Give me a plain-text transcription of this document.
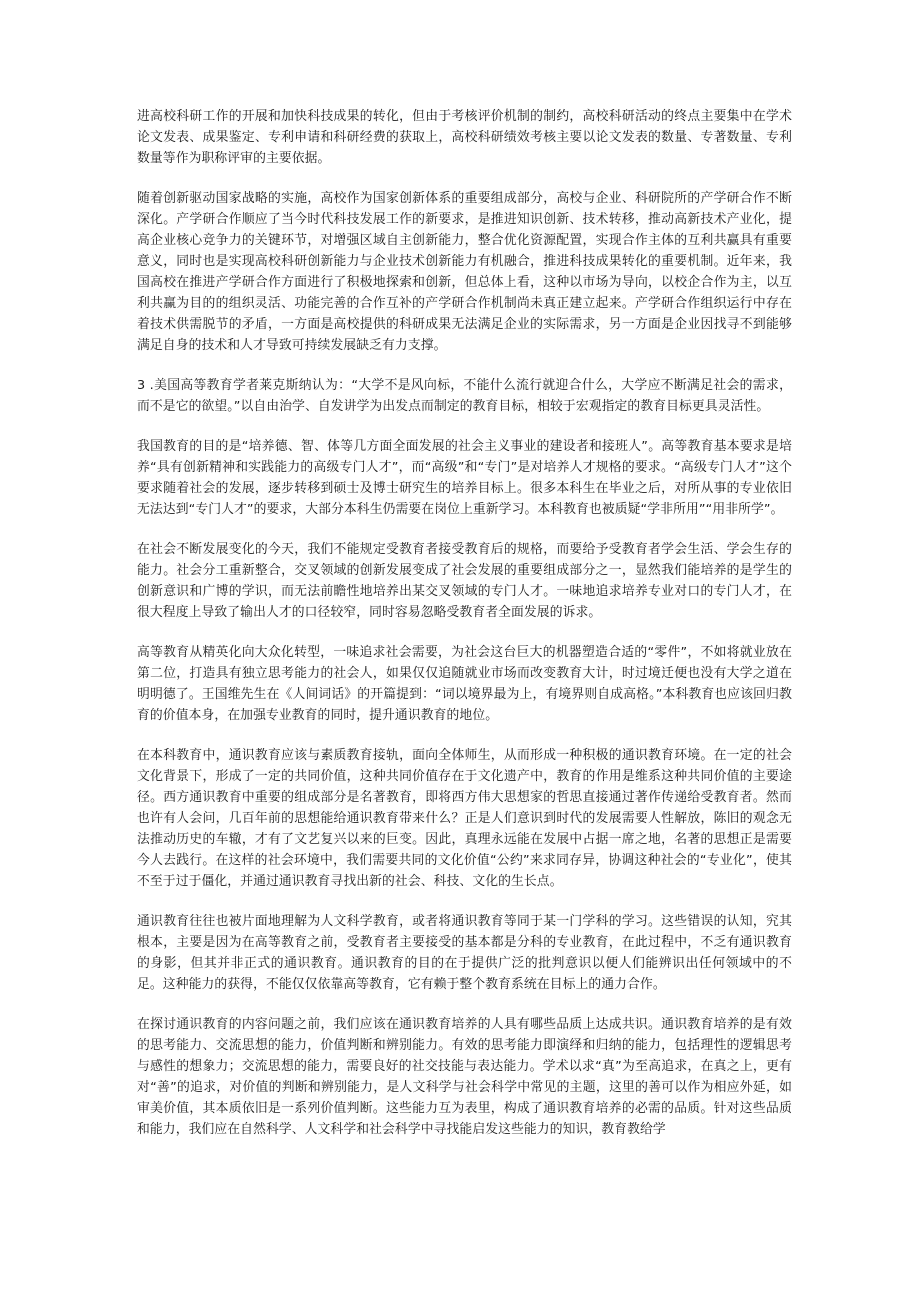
进高校科研工作的开展和加快科技成果的转化，但由于考核评价机制的制约，高校科研活动的终点主要集中在学术论文发表、成果鉴定、专利申请和科研经费的获取上，高校科研绩效考核主要以论文发表的数量、专著数量、专利数量等作为职称评审的主要依据。

随着创新驱动国家战略的实施，高校作为国家创新体系的重要组成部分，高校与企业、科研院所的产学研合作不断深化。产学研合作顺应了当今时代科技发展工作的新要求，是推进知识创新、技术转移，推动高新技术产业化，提高企业核心竞争力的关键环节，对增强区域自主创新能力，整合优化资源配置，实现合作主体的互利共赢具有重要意义，同时也是实现高校科研创新能力与企业技术创新能力有机融合，推进科技成果转化的重要机制。近年来，我国高校在推进产学研合作方面进行了积极地探索和创新，但总体上看，这种以市场为导向，以校企合作为主，以互利共赢为目的的组织灵活、功能完善的合作互补的产学研合作机制尚未真正建立起来。产学研合作组织运行中存在着技术供需脱节的矛盾，一方面是高校提供的科研成果无法满足企业的实际需求，另一方面是企业因找寻不到能够满足自身的技术和人才导致可持续发展缺乏有力支撑。

3 .美国高等教育学者莱克斯纳认为：“大学不是风向标，不能什么流行就迎合什么，大学应不断满足社会的需求，而不是它的欲望。”以自由治学、自发讲学为出发点而制定的教育目标，相较于宏观指定的教育目标更具灵活性。

我国教育的目的是“培养德、智、体等几方面全面发展的社会主义事业的建设者和接班人”。高等教育基本要求是培养“具有创新精神和实践能力的高级专门人才”，而“高级”和“专门”是对培养人才规格的要求。“高级专门人才”这个要求随着社会的发展，逐步转移到硕士及博士研究生的培养目标上。很多本科生在毕业之后，对所从事的专业依旧无法达到“专门人才”的要求，大部分本科生仍需要在岗位上重新学习。本科教育也被质疑“学非所用”“用非所学”。

在社会不断发展变化的今天，我们不能规定受教育者接受教育后的规格，而要给予受教育者学会生活、学会生存的能力。社会分工重新整合，交叉领域的创新发展变成了社会发展的重要组成部分之一，显然我们能培养的是学生的创新意识和广博的学识，而无法前瞻性地培养出某交叉领域的专门人才。一味地追求培养专业对口的专门人才，在很大程度上导致了输出人才的口径较窄，同时容易忽略受教育者全面发展的诉求。

高等教育从精英化向大众化转型，一味追求社会需要，为社会这台巨大的机器塑造合适的“零件”，不如将就业放在第二位，打造具有独立思考能力的社会人，如果仅仅追随就业市场而改变教育大计，时过境迁便也没有大学之道在明明德了。王国维先生在《人间词话》的开篇提到：“词以境界最为上，有境界则自成高格。”本科教育也应该回归教育的价值本身，在加强专业教育的同时，提升通识教育的地位。

在本科教育中，通识教育应该与素质教育接轨，面向全体师生，从而形成一种积极的通识教育环境。在一定的社会文化背景下，形成了一定的共同价值，这种共同价值存在于文化遗产中，教育的作用是维系这种共同价值的主要途径。西方通识教育中重要的组成部分是名著教育，即将西方伟大思想家的哲思直接通过著作传递给受教育者。然而也许有人会问，几百年前的思想能给通识教育带来什么？正是人们意识到时代的发展需要人性解放，陈旧的观念无法推动历史的车辙，才有了文艺复兴以来的巨变。因此，真理永远能在发展中占据一席之地，名著的思想正是需要今人去践行。在这样的社会环境中，我们需要共同的文化价值“公约”来求同存异，协调这种社会的“专业化”，使其不至于过于僵化，并通过通识教育寻找出新的社会、科技、文化的生长点。

通识教育往往也被片面地理解为人文科学教育，或者将通识教育等同于某一门学科的学习。这些错误的认知，究其根本，主要是因为在高等教育之前，受教育者主要接受的基本都是分科的专业教育，在此过程中，不乏有通识教育的身影，但其并非正式的通识教育。通识教育的目的在于提供广泛的批判意识以便人们能辨识出任何领域中的不足。这种能力的获得，不能仅仅依靠高等教育，它有赖于整个教育系统在目标上的通力合作。

在探讨通识教育的内容问题之前，我们应该在通识教育培养的人具有哪些品质上达成共识。通识教育培养的是有效的思考能力、交流思想的能力，价值判断和辨别能力。有效的思考能力即演绎和归纳的能力，包括理性的逻辑思考与感性的想象力；交流思想的能力，需要良好的社交技能与表达能力。学术以求“真”为至高追求，在真之上，更有对“善”的追求，对价值的判断和辨别能力，是人文科学与社会科学中常见的主题，这里的善可以作为相应外延，如审美价值，其本质依旧是一系列价值判断。这些能力互为表里，构成了通识教育培养的必需的品质。针对这些品质和能力，我们应在自然科学、人文科学和社会科学中寻找能启发这些能力的知识，教育教给学
